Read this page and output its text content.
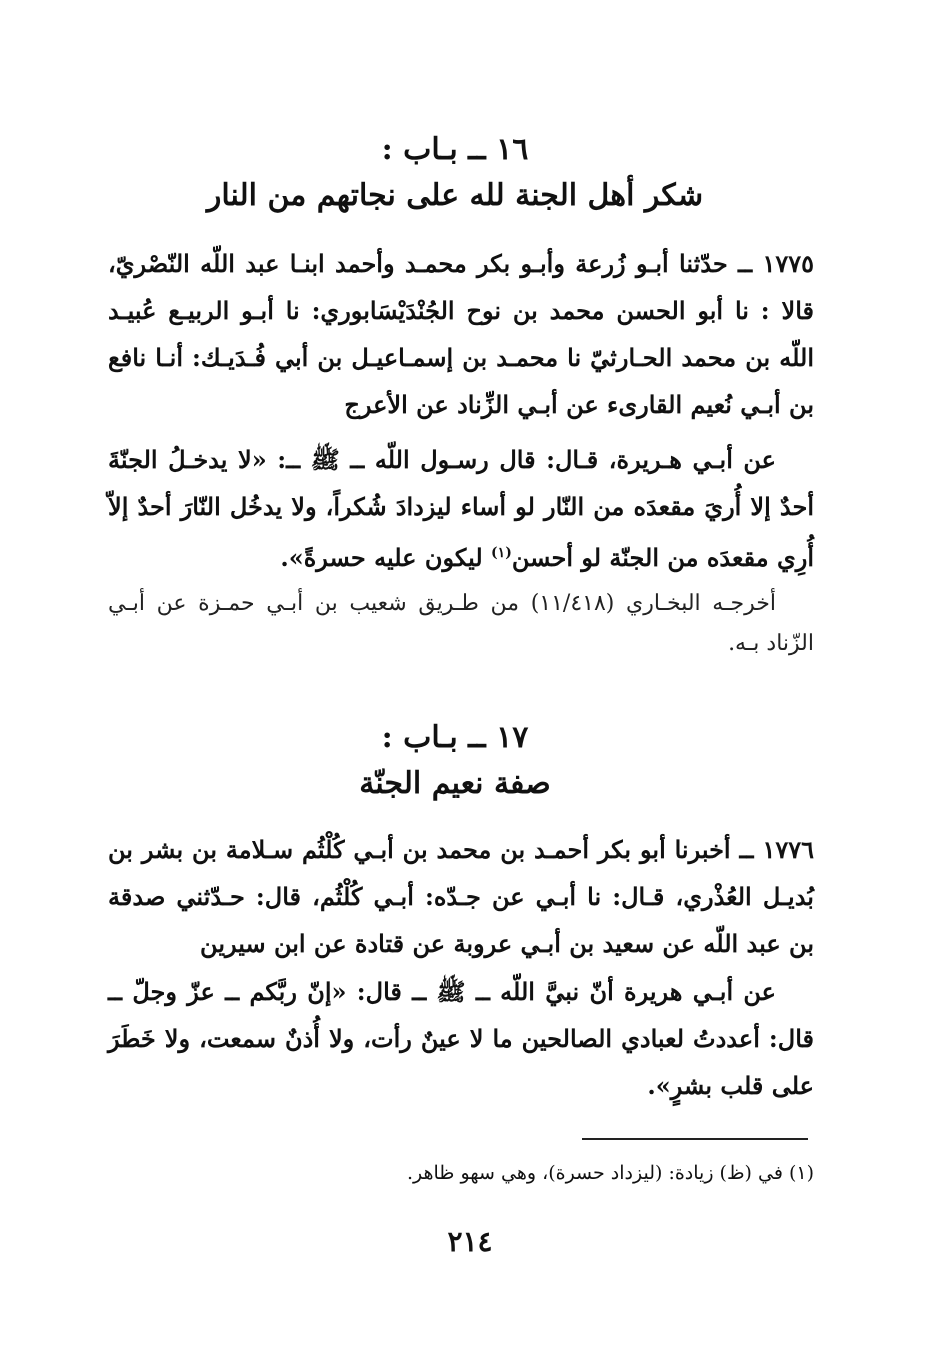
١٦ ــ بـاب :
شكر أهل الجنة لله على نجاتهم من النار
١٧٧٥ ــ حدّثنا أبـو زُرعة وأبـو بكر محمـد وأحمد ابنـا عبد اللّه النّصْريّ، قالا : نا أبو الحسن محمد بن نوح الجُنْدَيْسَابوري: نا أبـو الربيـع عُبيـد اللّه بن محمد الحـارثيّ نا محمـد بن إسمـاعيـل بن أبي فُـدَيـك: أنـا نافع بن أبـي نُعيم القارىء عن أبـي الزِّناد عن الأعرج
عن أبـي هـريرة، قـال: قال رسـول اللّه ــ ﷺ ــ: «لا يدخـلُ الجنّةَ أحدٌ إلا أُريَ مقعدَه من النّار لو أساء ليزدادَ شُكراً، ولا يدخُل النّارَ أحدٌ إلاّ أُرِي مقعدَه من الجنّة لو أحسن$^{(١)}$ ليكون عليه حسرةً».
أخرجـه البخـاري (١١/٤١٨) من طـريق شعيب بن أبـي حمـزة عن أبـي الزّناد بـه.
١٧ ــ بـاب :
صفة نعيم الجنّة
١٧٧٦ ــ أخبرنا أبو بكر أحمـد بن محمد بن أبـي كُلْثُم سـلامة بن بشر بن بُديـل العُذْري، قـال: نا أبـي عن جـدّه: أبـي كُلْثُم، قال: حـدّثني صدقة بن عبد اللّه عن سعيد بن أبـي عروبة عن قتادة عن ابن سيرين
عن أبـي هريرة أنّ نبيَّ اللّه ــ ﷺ ــ قال: «إنّ ربَّكم ــ عزّ وجلّ ــ قال: أعددتُ لعبادي الصالحين ما لا عينٌ رأت، ولا أُذنٌ سمعت، ولا خَطَرَ على قلب بشرٍ».
(١) في (ظ) زيادة: (ليزداد حسرة)، وهي سهو ظاهر.
٢١٤
